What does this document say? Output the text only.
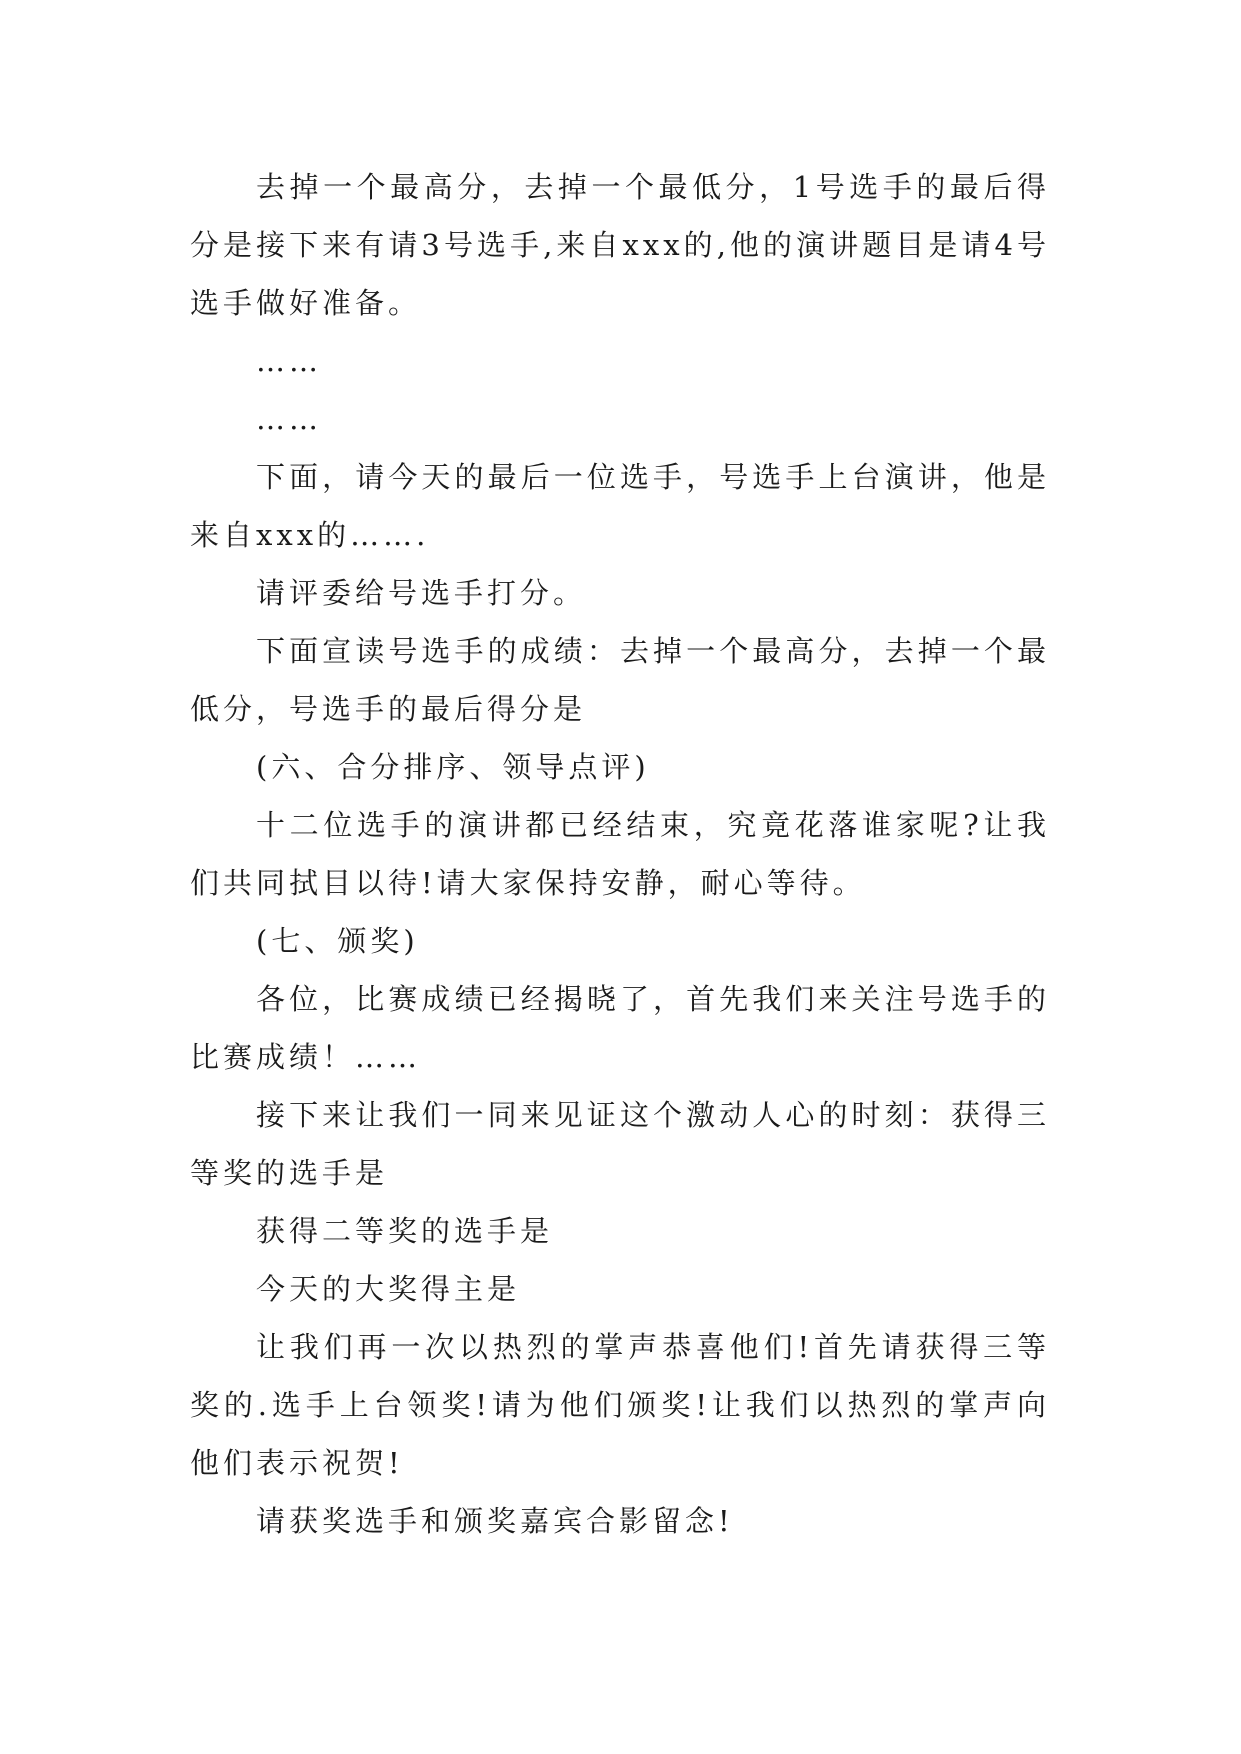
去掉一个最高分，去掉一个最低分，1号选手的最后得分是接下来有请3号选手,来自xxx的,他的演讲题目是请4号选手做好准备。

……

……

下面，请今天的最后一位选手，号选手上台演讲，他是来自xxx的…….

请评委给号选手打分。

下面宣读号选手的成绩：去掉一个最高分，去掉一个最低分，号选手的最后得分是

(六、合分排序、领导点评)

十二位选手的演讲都已经结束，究竟花落谁家呢?让我们共同拭目以待!请大家保持安静，耐心等待。

(七、颁奖)

各位，比赛成绩已经揭晓了，首先我们来关注号选手的比赛成绩！……

接下来让我们一同来见证这个激动人心的时刻：获得三等奖的选手是

获得二等奖的选手是

今天的大奖得主是

让我们再一次以热烈的掌声恭喜他们!首先请获得三等奖的.选手上台领奖!请为他们颁奖!让我们以热烈的掌声向他们表示祝贺!

请获奖选手和颁奖嘉宾合影留念!
